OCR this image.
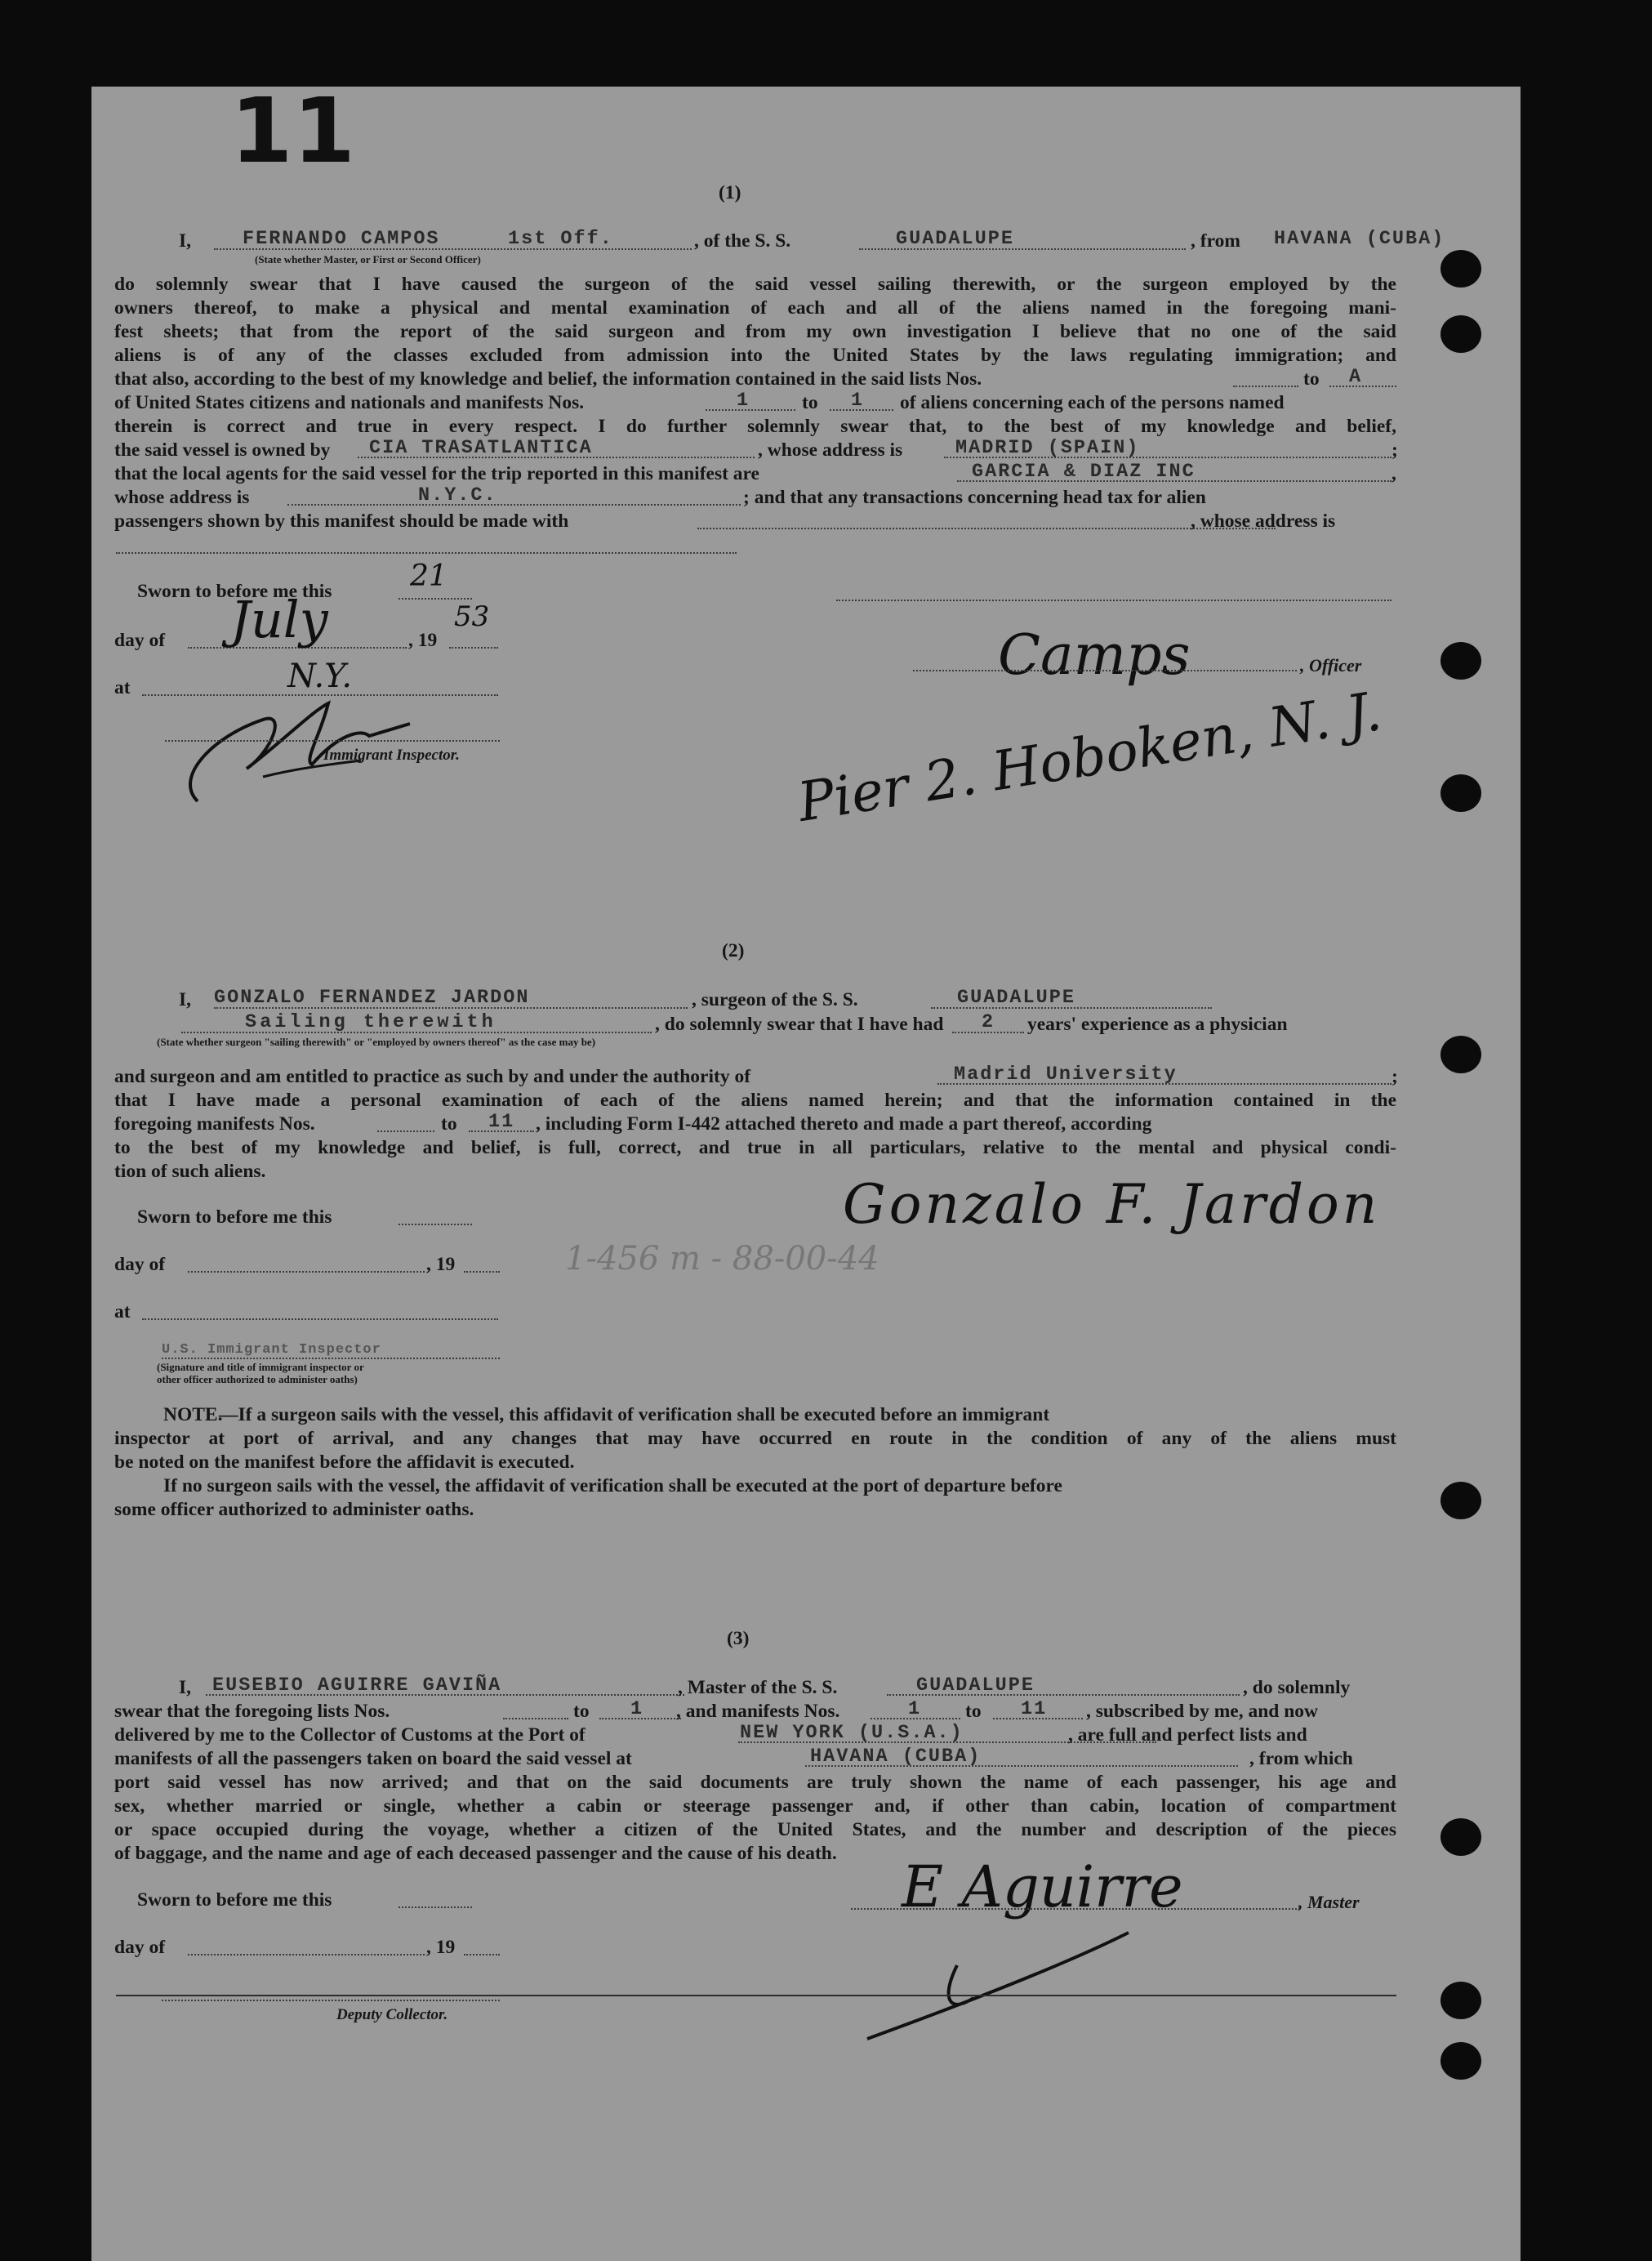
11
(1)
I,	FERNANDO CAMPOS	1st Off.	, of the S. S.	GUADALUPE	, from HAVANA (CUBA)
(State whether Master, or First or Second Officer)
do solemnly swear that I have caused the surgeon of the said vessel sailing therewith, or the surgeon employed by the
owners thereof, to make a physical and mental examination of each and all of the aliens named in the foregoing mani-
fest sheets; that from the report of the said surgeon and from my own investigation I believe that no one of the said
aliens is of any of the classes excluded from admission into the United States by the laws regulating immigration; and
that also, according to the best of my knowledge and belief, the information contained in the said lists Nos.	to A
of United States citizens and nationals and manifests Nos.	1	to 1 of aliens concerning each of the persons named
therein is correct and true in every respect. I do further solemnly swear that, to the best of my knowledge and belief,
the said vessel is owned by CIA TRASATLANTICA	, whose address is	MADRID (SPAIN)	;
that the local agents for the said vessel for the trip reported in this manifest are	GARCIA & DIAZ INC	,
whose address is	N.Y.C.	; and that any transactions concerning head tax for alien
passengers shown by this manifest should be made with	, whose address is
Sworn to before me this	21
day of July	, 19
53
at	N.Y.
Immigrant Inspector.
Camps	, Officer
Pier 2. Hoboken, N. J.
(2)
I, GONZALO FERNANDEZ JARDON	, surgeon of the S. S.	GUADALUPE
Sailing therewith	, do solemnly swear that I have had 2 years' experience as a physician
(State whether surgeon "sailing therewith" or "employed by owners thereof" as the case may be)
and surgeon and am entitled to practice as such by and under the authority of	Madrid University	;
that I have made a personal examination of each of the aliens named herein; and that the information contained in the
foregoing manifests Nos.	to 11 , including Form I-442 attached thereto and made a part thereof, according
to the best of my knowledge and belief, is full, correct, and true in all particulars, relative to the mental and physical condi-
tion of such aliens.
Sworn to before me this
day of	, 19
at
U.S. Immigrant Inspector
(Signature and title of immigrant inspector or other officer authorized to administer oaths)
Gonzalo F. Jardon
1-456 m - 88-00-44
NOTE.
—If a surgeon sails with the vessel, this affidavit of verification shall be executed before an immigrant
inspector at port of arrival, and any changes that may have occurred en route in the condition of any of the aliens must
be noted on the manifest before the affidavit is executed.
If no surgeon sails with the vessel, the affidavit of verification shall be executed at the port of departure before
some officer authorized to administer oaths.
(3)
I, EUSEBIO AGUIRRE GAVIÑA	, Master of the S. S.	GUADALUPE	, do solemnly
swear that the foregoing lists Nos.	to 1 , and manifests Nos.	1 to 11 , subscribed by me, and now
delivered by me to the Collector of Customs at the Port of	NEW YORK (U.S.A.)	, are full and perfect lists and
manifests of all the passengers taken on board the said vessel at	HAVANA (CUBA)	, from which
port said vessel has now arrived; and that on the said documents are truly shown the name of each passenger, his age and
sex, whether married or single, whether a cabin or steerage passenger and, if other than cabin, location of compartment
or space occupied during the voyage, whether a citizen of the United States, and the number and description of the pieces
of baggage, and the name and age of each deceased passenger and the cause of his death.
Sworn to before me this
day of	, 19
Deputy Collector.
E Aguirre	, Master
